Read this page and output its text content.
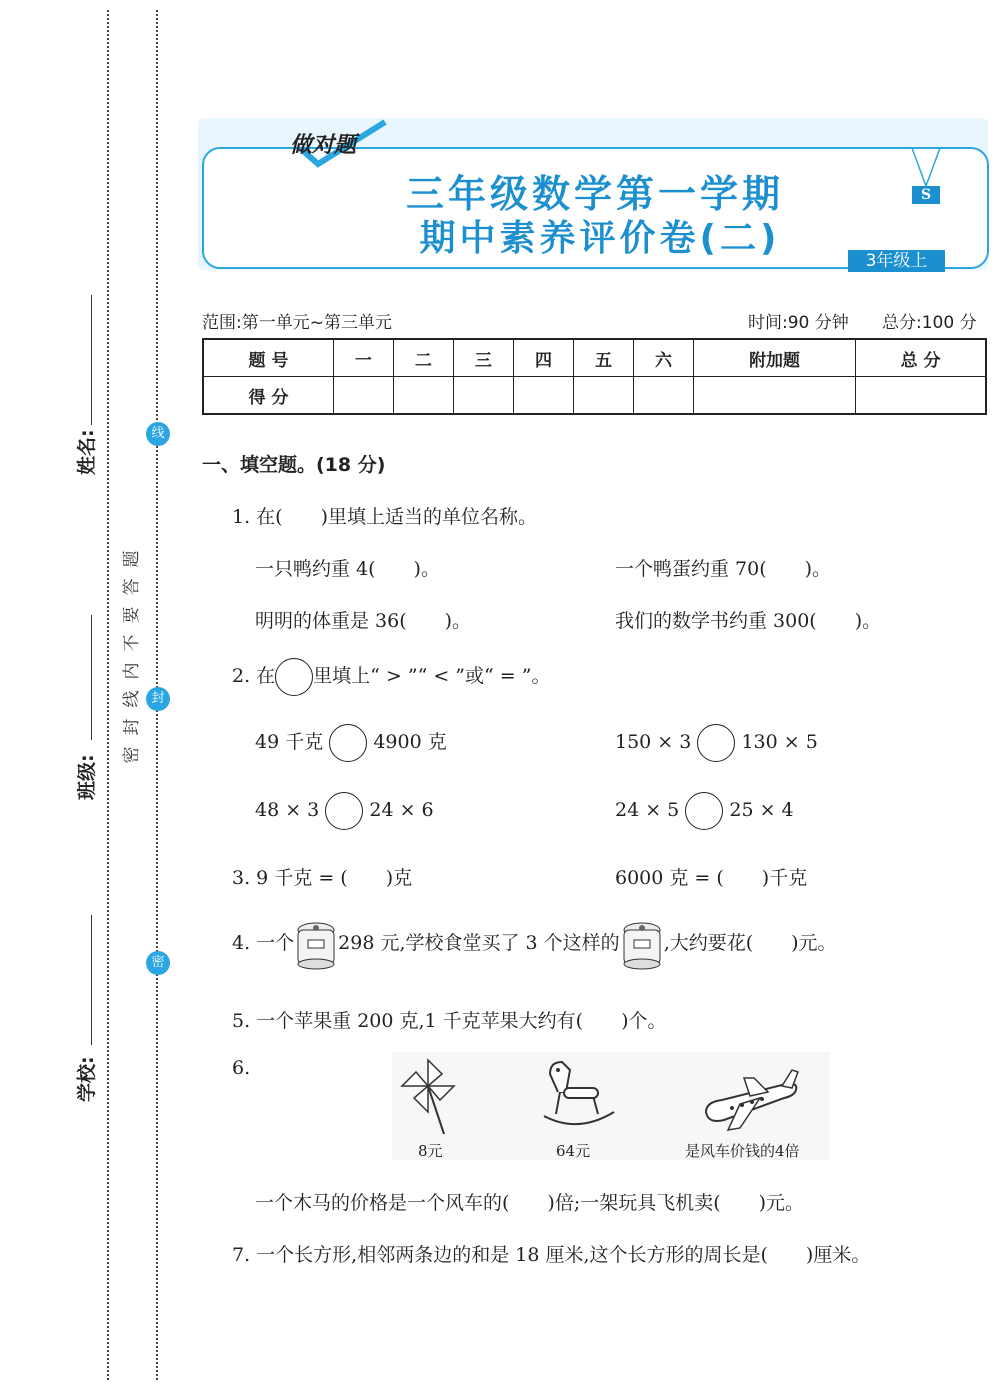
姓名:
班级:
学校:
线
封
密
题
答
要
不
内
线
封
密
做对题
S
三年级数学第一学期
期中素养评价卷(二)
3年级上
范围:第一单元~第三单元	时间:90 分钟 总分:100 分
题 号	一	二	三	四	五	六	附加题	总 分
得 分								
一、填空题。(18 分)
1. 在(　　)里填上适当的单位名称。
一只鸭约重 4(　　)。	一个鸭蛋约重 70(　　)。
明明的体重是 36(　　)。	我们的数学书约重 300(　　)。
2. 在 里填上“ > ”“ < ”或“ = ”。
49 千克	4900 克	150 × 3	130 × 5
48 × 3	24 × 6	24 × 5	25 × 4
3. 9 千克 = (　　)克	6000 克 = (　　)千克
4. 一个 298 元,学校食堂买了 3 个这样的 ,大约要花(　　)元。
5. 一个苹果重 200 克,1 千克苹果大约有(　　)个。
6.
8元	64元	是风车价钱的4倍
一个木马的价格是一个风车的(　　)倍;一架玩具飞机卖(　　)元。
7. 一个长方形,相邻两条边的和是 18 厘米,这个长方形的周长是(　　)厘米。
